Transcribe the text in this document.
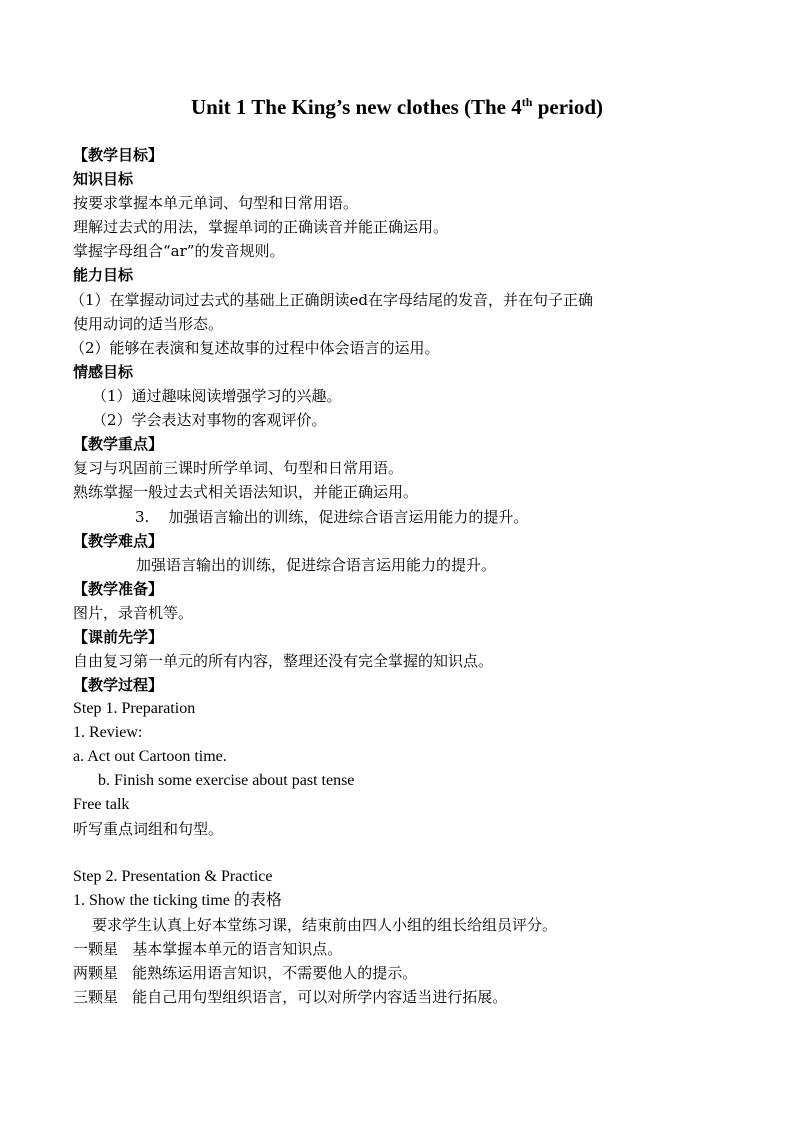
Unit 1 The King’s new clothes (The 4th period)
【教学目标】
知识目标
按要求掌握本单元单词、句型和日常用语。
理解过去式的用法，掌握单词的正确读音并能正确运用。
掌握字母组合“ar”的发音规则。
能力目标
（1）在掌握动词过去式的基础上正确朗读ed在字母结尾的发音，并在句子正确
使用动词的适当形态。
（2）能够在表演和复述故事的过程中体会语言的运用。
情感目标
（1）通过趣味阅读增强学习的兴趣。
（2）学会表达对事物的客观评价。
【教学重点】
复习与巩固前三课时所学单词、句型和日常用语。
熟练掌握一般过去式相关语法知识，并能正确运用。
3.    加强语言输出的训练，促进综合语言运用能力的提升。
【教学难点】
加强语言输出的训练，促进综合语言运用能力的提升。
【教学准备】
图片，录音机等。
【课前先学】
自由复习第一单元的所有内容，整理还没有完全掌握的知识点。
【教学过程】
Step 1. Preparation
1. Review:
a. Act out Cartoon time.
b. Finish some exercise about past tense
Free talk
听写重点词组和句型。
Step 2. Presentation & Practice
1. Show the ticking time 的表格
要求学生认真上好本堂练习课，结束前由四人小组的组长给组员评分。
一颗星   基本掌握本单元的语言知识点。
两颗星   能熟练运用语言知识，不需要他人的提示。
三颗星   能自己用句型组织语言，可以对所学内容适当进行拓展。
